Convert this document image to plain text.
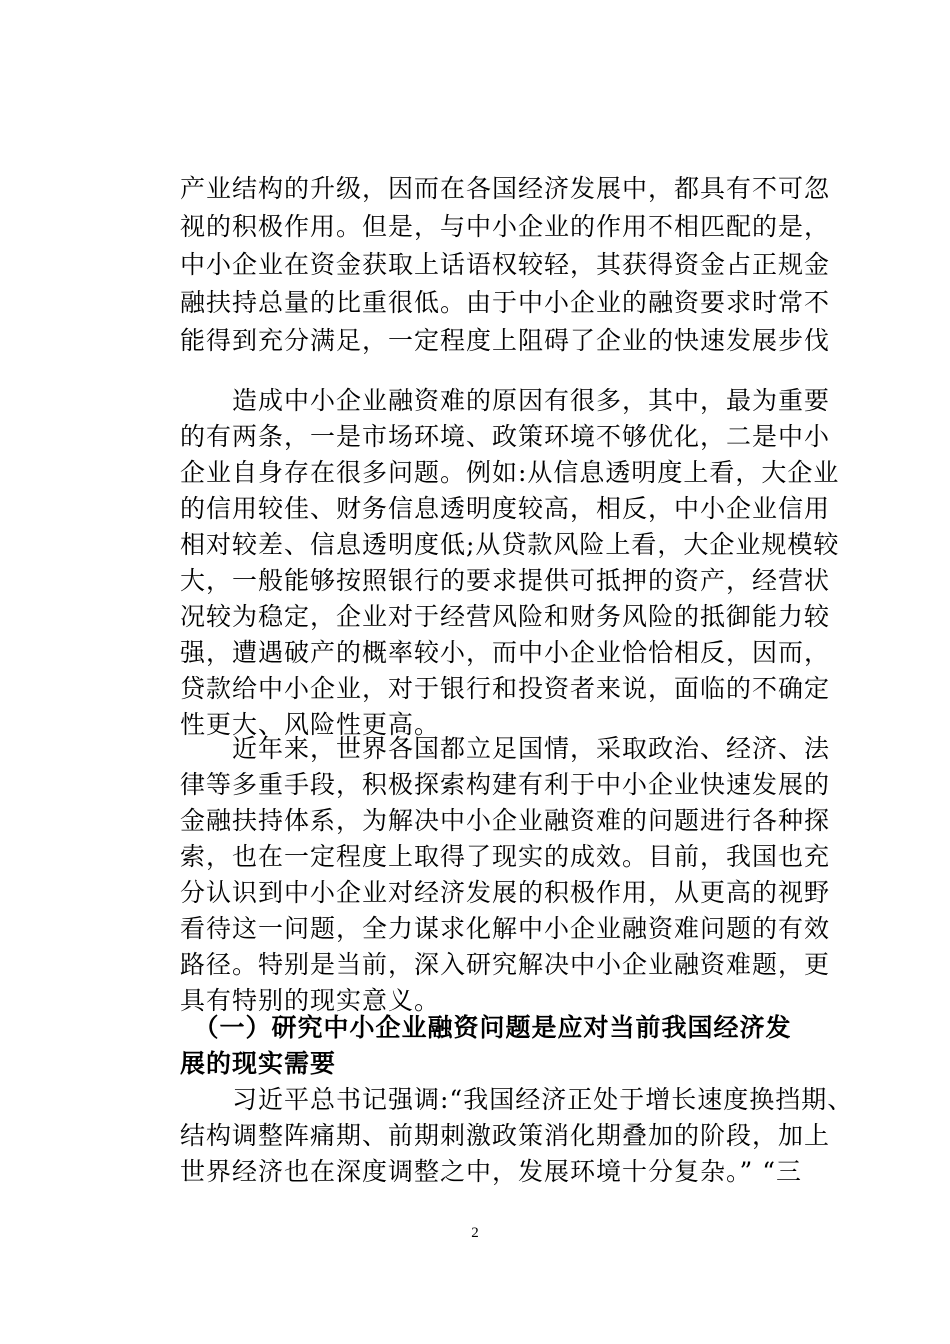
产业结构的升级，因而在各国经济发展中，都具有不可忽
视的积极作用。但是，与中小企业的作用不相匹配的是，
中小企业在资金获取上话语权较轻，其获得资金占正规金
融扶持总量的比重很低。由于中小企业的融资要求时常不
能得到充分满足，一定程度上阻碍了企业的快速发展步伐
　　造成中小企业融资难的原因有很多，其中，最为重要
的有两条，一是市场环境、政策环境不够优化，二是中小
企业自身存在很多问题。例如:从信息透明度上看，大企业
的信用较佳、财务信息透明度较高，相反，中小企业信用
相对较差、信息透明度低;从贷款风险上看，大企业规模较
大，一般能够按照银行的要求提供可抵押的资产，经营状
况较为稳定，企业对于经营风险和财务风险的抵御能力较
强，遭遇破产的概率较小，而中小企业恰恰相反，因而，
贷款给中小企业，对于银行和投资者来说，面临的不确定
性更大、风险性更高。
　　近年来，世界各国都立足国情，采取政治、经济、法
律等多重手段，积极探索构建有利于中小企业快速发展的
金融扶持体系，为解决中小企业融资难的问题进行各种探
索，也在一定程度上取得了现实的成效。目前，我国也充
分认识到中小企业对经济发展的积极作用，从更高的视野
看待这一问题，全力谋求化解中小企业融资难问题的有效
路径。特别是当前，深入研究解决中小企业融资难题，更
具有特别的现实意义。
　（一）研究中小企业融资问题是应对当前我国经济发
展的现实需要
　　习近平总书记强调:“我国经济正处于增长速度换挡期、
结构调整阵痛期、前期刺激政策消化期叠加的阶段，加上
世界经济也在深度调整之中，发展环境十分复杂。” “三
2
